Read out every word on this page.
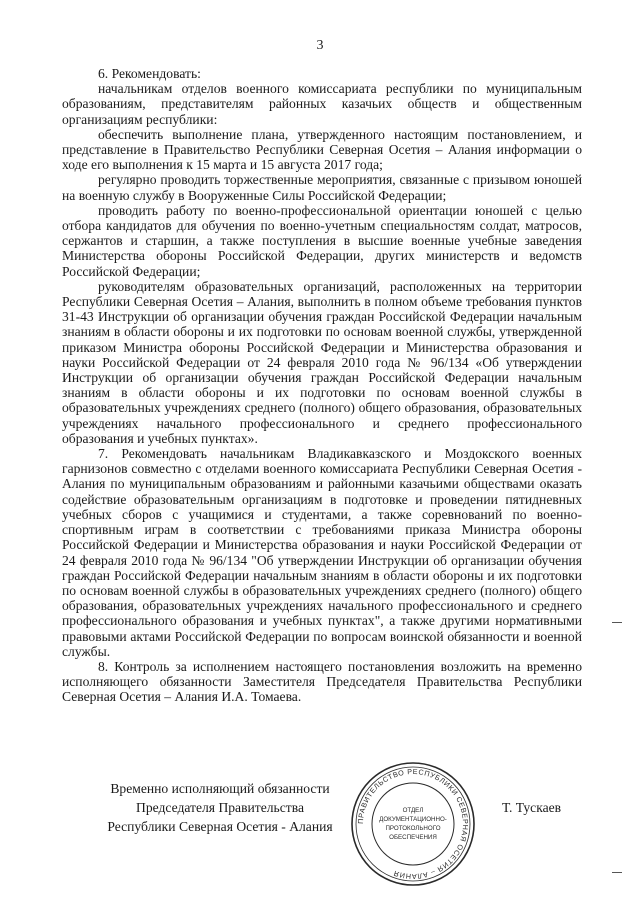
3

6. Рекомендовать:

начальникам отделов военного комиссариата республики по муниципальным образованиям, представителям районных казачьих обществ и общественным организациям республики:

обеспечить выполнение плана, утвержденного настоящим постановлением, и представление в Правительство Республики Северная Осетия – Алания информации о ходе его выполнения к 15 марта и 15 августа 2017 года;

регулярно проводить торжественные мероприятия, связанные с призывом юношей на военную службу в Вооруженные Силы Российской Федерации;

проводить работу по военно-профессиональной ориентации юношей с целью отбора кандидатов для обучения по военно-учетным специальностям солдат, матросов, сержантов и старшин, а также поступления в высшие военные учебные заведения Министерства обороны Российской Федерации, других министерств и ведомств Российской Федерации;

руководителям образовательных организаций, расположенных на территории Республики Северная Осетия – Алания, выполнить в полном объеме требования пунктов 31-43 Инструкции об организации обучения граждан Российской Федерации начальным знаниям в области обороны и их подготовки по основам военной службы, утвержденной приказом Министра обороны Российской Федерации и Министерства образования и науки Российской Федерации от 24 февраля 2010 года № 96/134 «Об утверждении Инструкции об организации обучения граждан Российской Федерации начальным знаниям в области обороны и их подготовки по основам военной службы в образовательных учреждениях среднего (полного) общего образования, образовательных учреждениях начального профессионального и среднего профессионального образования и учебных пунктах».

7. Рекомендовать начальникам Владикавказского и Моздокского военных гарнизонов совместно с отделами военного комиссариата Республики Северная Осетия - Алания по муниципальным образованиям и районными казачьими обществами оказать содействие образовательным организациям в подготовке и проведении пятидневных учебных сборов с учащимися и студентами, а также соревнований по военно-спортивным играм в соответствии с требованиями приказа Министра обороны Российской Федерации и Министерства образования и науки Российской Федерации от 24 февраля 2010 года № 96/134 "Об утверждении Инструкции об организации обучения граждан Российской Федерации начальным знаниям в области обороны и их подготовки по основам военной службы в образовательных учреждениях среднего (полного) общего образования, образовательных учреждениях начального профессионального и среднего профессионального образования и учебных пунктах", а также другими нормативными правовыми актами Российской Федерации по вопросам воинской обязанности и военной службы.

8. Контроль за исполнением настоящего постановления возложить на временно исполняющего обязанности Заместителя Председателя Правительства Республики Северная Осетия – Алания И.А. Томаева.

Временно исполняющий обязанности
Председателя Правительства
Республики Северная Осетия - Алания	ПРАВИТЕЛЬСТВО РЕСПУБЛИКИ СЕВЕРНАЯ ОСЕТИЯ – АЛАНИЯ
ОТДЕЛ
ДОКУМЕНТАЦИОННО-
ПРОТОКОЛЬНОГО
ОБЕСПЕЧЕНИЯ
Т. Тускаев
